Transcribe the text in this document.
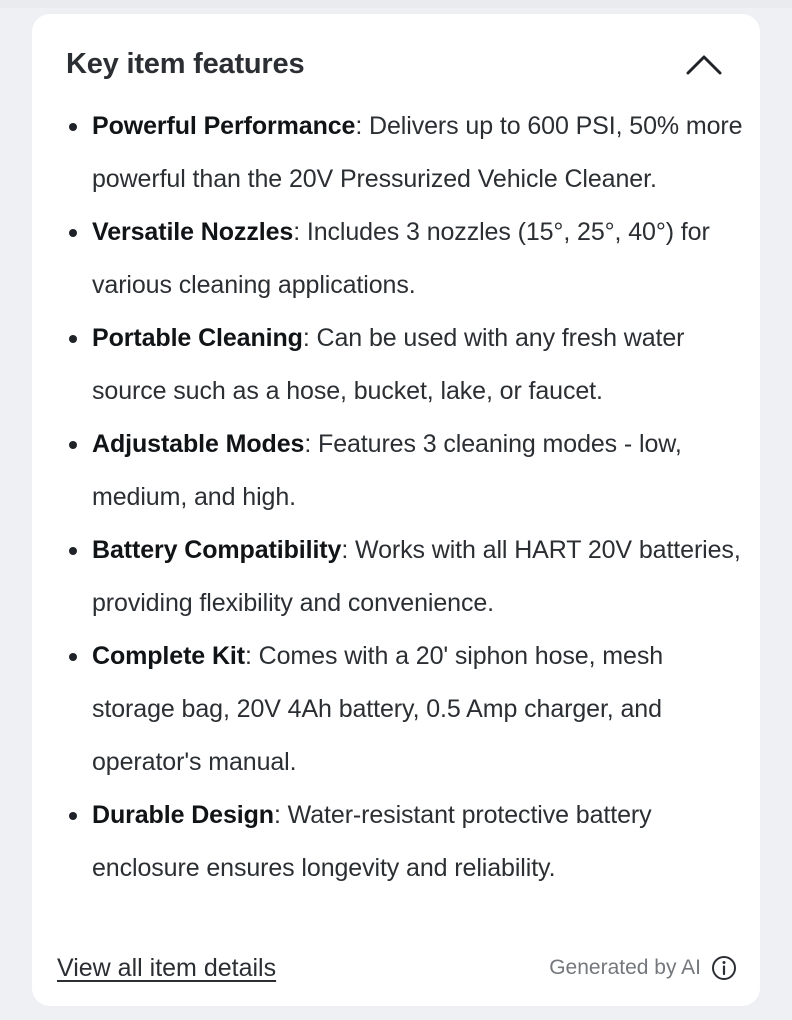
Key item features
Powerful Performance: Delivers up to 600 PSI, 50% more powerful than the 20V Pressurized Vehicle Cleaner.
Versatile Nozzles: Includes 3 nozzles (15°, 25°, 40°) for various cleaning applications.
Portable Cleaning: Can be used with any fresh water source such as a hose, bucket, lake, or faucet.
Adjustable Modes: Features 3 cleaning modes - low, medium, and high.
Battery Compatibility: Works with all HART 20V batteries, providing flexibility and convenience.
Complete Kit: Comes with a 20' siphon hose, mesh storage bag, 20V 4Ah battery, 0.5 Amp charger, and operator's manual.
Durable Design: Water-resistant protective battery enclosure ensures longevity and reliability.
View all item details	Generated by AI
